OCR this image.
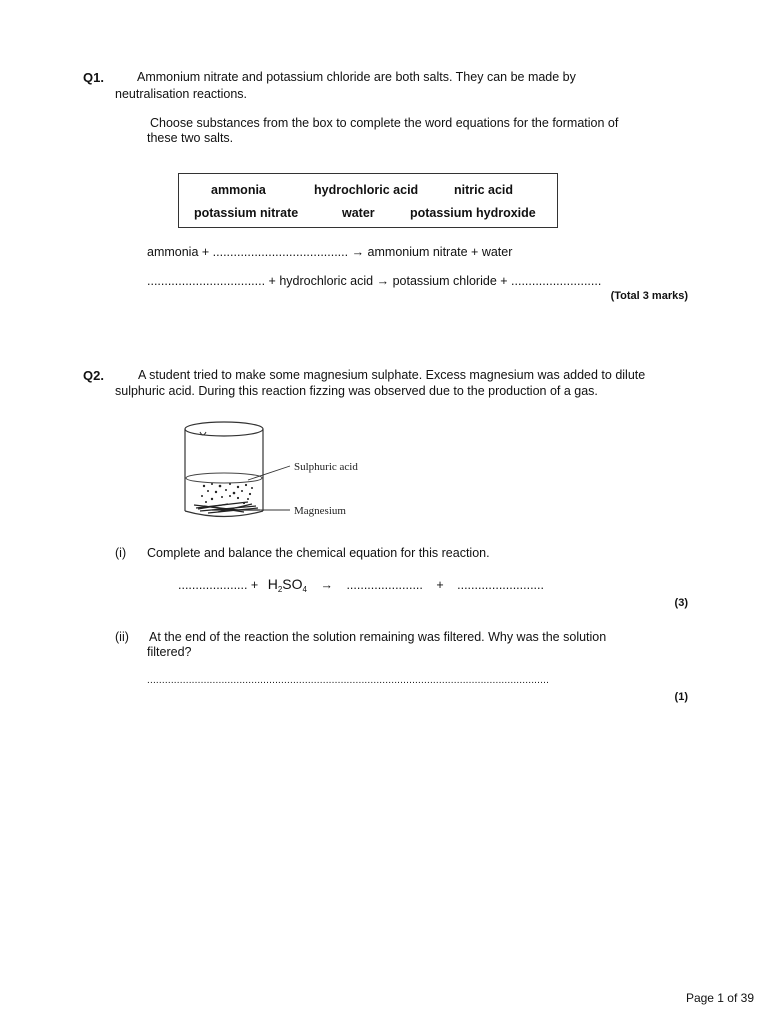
Q1.	Ammonium nitrate and potassium chloride are both salts. They can be made by
neutralisation reactions.
Choose substances from the box to complete the word equations for the formation of
these two salts.
ammonia	hydrochloric acid	nitric acid
potassium nitrate	water	potassium hydroxide
ammonia + ....................................... → ammonium nitrate + water
.................................. + hydrochloric acid → potassium chloride + ..........................
(Total 3 marks)
Q2.	A student tried to make some magnesium sulphate. Excess magnesium was added to dilute
sulphuric acid. During this reaction fizzing was observed due to the production of a gas.
Sulphuric acid
Magnesium
(i) Complete and balance the chemical equation for this reaction.
.................... + $H_2SO_4$ → ...................... + .........................
(3)
(ii) At the end of the reaction the solution remaining was filtered. Why was the solution
filtered?
.......................................................................................................................................
(1)
Page 1 of 39
